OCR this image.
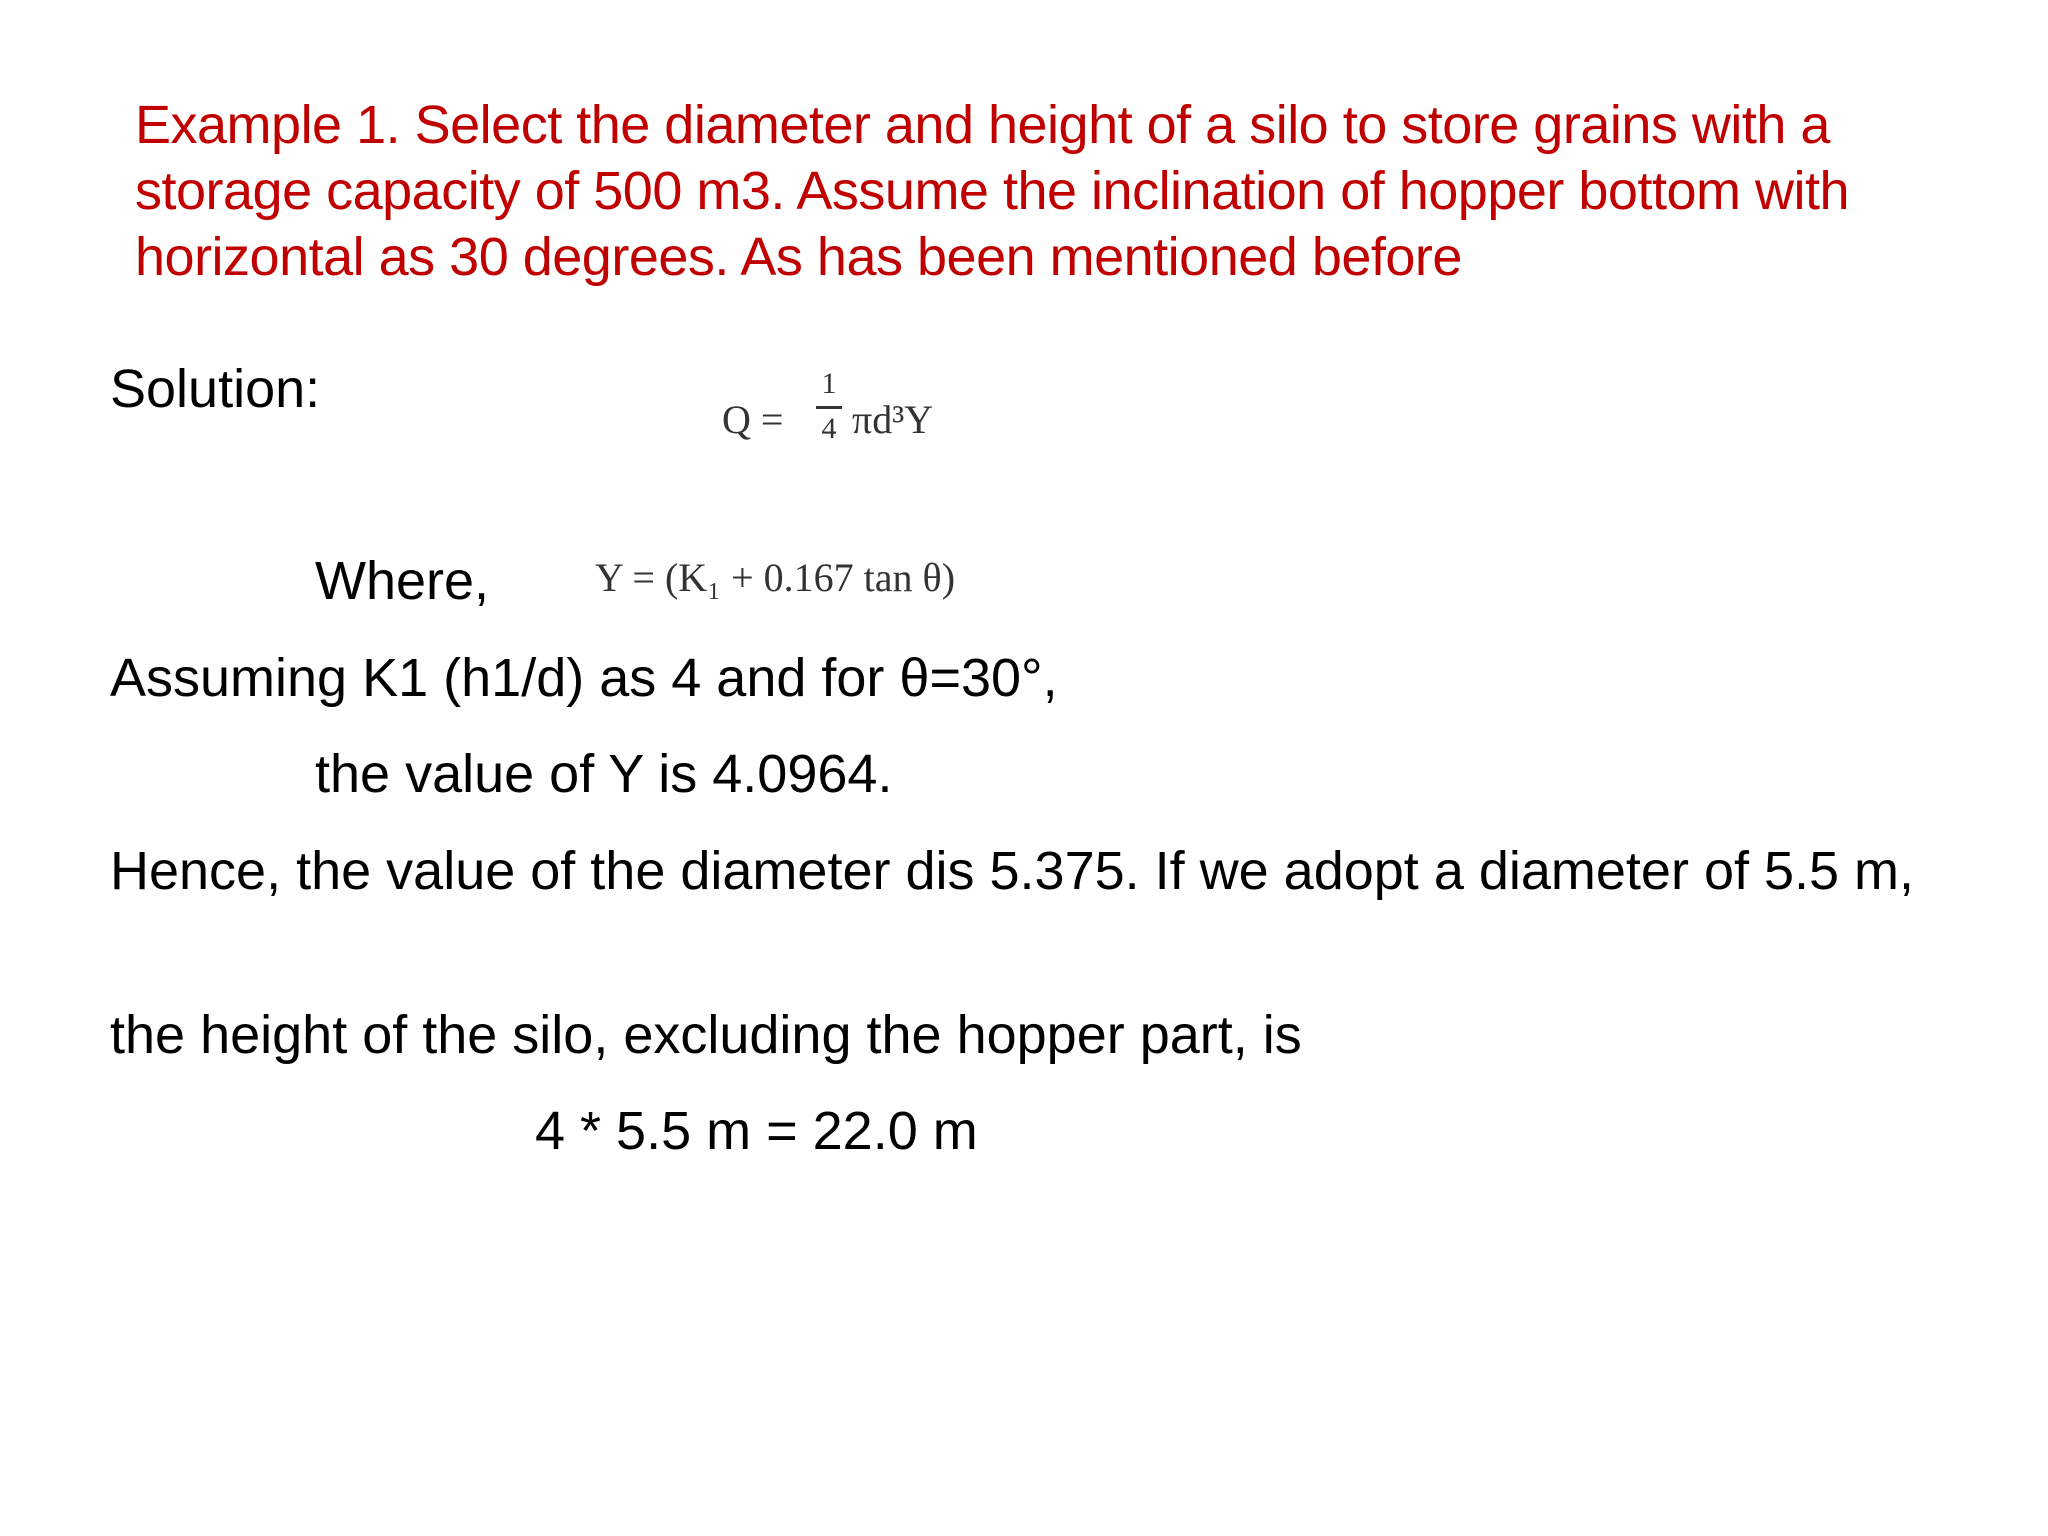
Example 1. Select the diameter and height of a silo to store grains with a storage capacity of 500 m3. Assume the inclination of hopper bottom with horizontal as 30 degrees. As has been mentioned before
Solution:
Q =
1
4 πd³Y
Where,	Y = (K₁ + 0.167 tan θ)
Assuming K1 (h1/d) as 4 and for θ=30°,
the value of Y is 4.0964.
Hence, the value of the diameter dis 5.375. If we adopt a diameter of 5.5 m,
the height of the silo, excluding the hopper part, is
4 * 5.5 m = 22.0 m
